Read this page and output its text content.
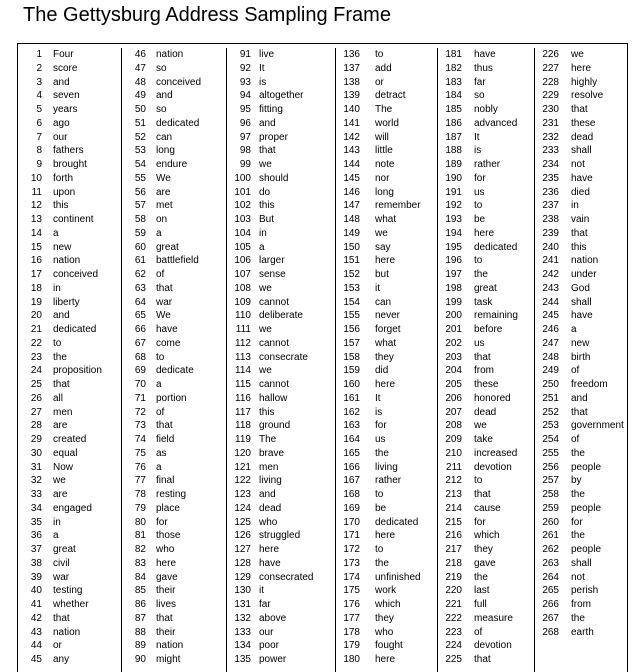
The Gettysburg Address Sampling Frame
1 Four
2 score
3 and
4 seven
5 years
6 ago
7 our
8 fathers
9 brought
10 forth
11 upon
12 this
13 continent
14 a
15 new
16 nation
17 conceived
18 in
19 liberty
20 and
21 dedicated
22 to
23 the
24 proposition
25 that
26 all
27 men
28 are
29 created
30 equal
31 Now
32 we
33 are
34 engaged
35 in
36 a
37 great
38 civil
39 war
40 testing
41 whether
42 that
43 nation
44 or
45 any
46 nation
47 so
48 conceived
49 and
50 so
51 dedicated
52 can
53 long
54 endure
55 We
56 are
57 met
58 on
59 a
60 great
61 battlefield
62 of
63 that
64 war
65 We
66 have
67 come
68 to
69 dedicate
70 a
71 portion
72 of
73 that
74 field
75 as
76 a
77 final
78 resting
79 place
80 for
81 those
82 who
83 here
84 gave
85 their
86 lives
87 that
88 their
89 nation
90 might
91 live
92 It
93 is
94 altogether
95 fitting
96 and
97 proper
98 that
99 we
100 should
101 do
102 this
103 But
104 in
105 a
106 larger
107 sense
108 we
109 cannot
110 deliberate
111 we
112 cannot
113 consecrate
114 we
115 cannot
116 hallow
117 this
118 ground
119 The
120 brave
121 men
122 living
123 and
124 dead
125 who
126 struggled
127 here
128 have
129 consecrated
130 it
131 far
132 above
133 our
134 poor
135 power
136 to
137 add
138 or
139 detract
140 The
141 world
142 will
143 little
144 note
145 nor
146 long
147 remember
148 what
149 we
150 say
151 here
152 but
153 it
154 can
155 never
156 forget
157 what
158 they
159 did
160 here
161 It
162 is
163 for
164 us
165 the
166 living
167 rather
168 to
169 be
170 dedicated
171 here
172 to
173 the
174 unfinished
175 work
176 which
177 they
178 who
179 fought
180 here
181 have
182 thus
183 far
184 so
185 nobly
186 advanced
187 It
188 is
189 rather
190 for
191 us
192 to
193 be
194 here
195 dedicated
196 to
197 the
198 great
199 task
200 remaining
201 before
202 us
203 that
204 from
205 these
206 honored
207 dead
208 we
209 take
210 increased
211 devotion
212 to
213 that
214 cause
215 for
216 which
217 they
218 gave
219 the
220 last
221 full
222 measure
223 of
224 devotion
225 that
226 we
227 here
228 highly
229 resolve
230 that
231 these
232 dead
233 shall
234 not
235 have
236 died
237 in
238 vain
239 that
240 this
241 nation
242 under
243 God
244 shall
245 have
246 a
247 new
248 birth
249 of
250 freedom
251 and
252 that
253 government
254 of
255 the
256 people
257 by
258 the
259 people
260 for
261 the
262 people
263 shall
264 not
265 perish
266 from
267 the
268 earth
